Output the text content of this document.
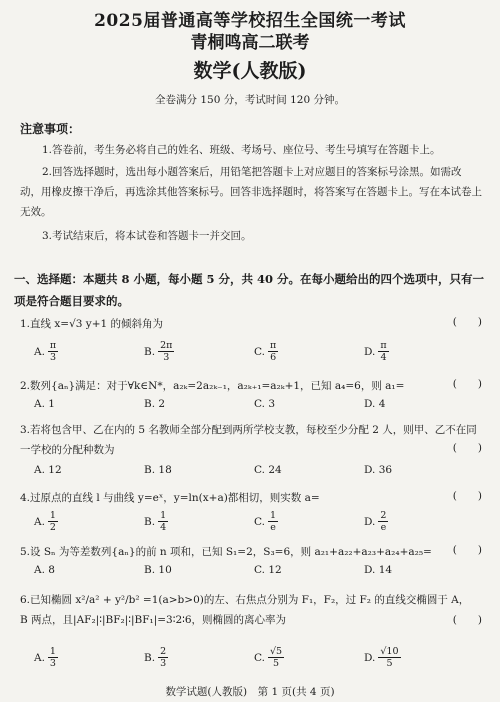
2025届普通高等学校招生全国统一考试
青桐鸣高二联考
数学(人教版)
全卷满分 150 分，考试时间 120 分钟。
注意事项：
1.答卷前，考生务必将自己的姓名、班级、考场号、座位号、考生号填写在答题卡上。
2.回答选择题时，选出每小题答案后，用铅笔把答题卡上对应题目的答案标号涂黑。如需改动，用橡皮擦干净后，再选涂其他答案标号。回答非选择题时，将答案写在答题卡上。写在本试卷上无效。
3.考试结束后，将本试卷和答题卡一并交回。
一、选择题：本题共 8 小题，每小题 5 分，共 40 分。在每小题给出的四个选项中，只有一项是符合题目要求的。
1.直线 x=√3 y+1 的倾斜角为	(　　)
A. $\frac{\pi}{3}$	B. $\frac{2\pi}{3}$	C. $\frac{\pi}{6}$	D. $\frac{\pi}{4}$
2.数列{aₙ}满足：对于∀k∈N*，a₂ₖ=2a₂ₖ₋₁，a₂ₖ₊₁=a₂ₖ+1，已知 a₄=6，则 a₁=	(　　)
A.
1	B.
2	C.
3	D.
4
3.若将包含甲、乙在内的 5 名教师全部分配到两所学校支教，每校至少分配 2 人，则甲、乙不在同一学校的分配种数为	(　　)
A.
12	B.
18	C.
24	D.
36
4.过原点的直线 l 与曲线 y=eˣ，y=ln(x+a)都相切，则实数 a=	(　　)
A. $\frac{1}{2}$	B. $\frac{1}{4}$	C. $\frac{1}{e}$	D. $\frac{2}{e}$
5.设 Sₙ 为等差数列{aₙ}的前 n 项和，已知 S₁=2，S₃=6，则 a₂₁+a₂₂+a₂₃+a₂₄+a₂₅=	(　　)
A.
8	B.
10	C.
12	D.
14
6.已知椭圆 x²/a² + y²/b² =1(a>b>0)的左、右焦点分别为 F₁，F₂，过 F₂ 的直线交椭圆于 A，B 两点，且|AF₂|∶|BF₂|∶|BF₁|=3∶2∶6，则椭圆的离心率为	(　　)
A. $\frac{1}{3}$	B. $\frac{2}{3}$	C. $\frac{√5}{5}$	D. $\frac{√10}{5}$
数学试题(人教版)　第 1 页(共 4 页)
